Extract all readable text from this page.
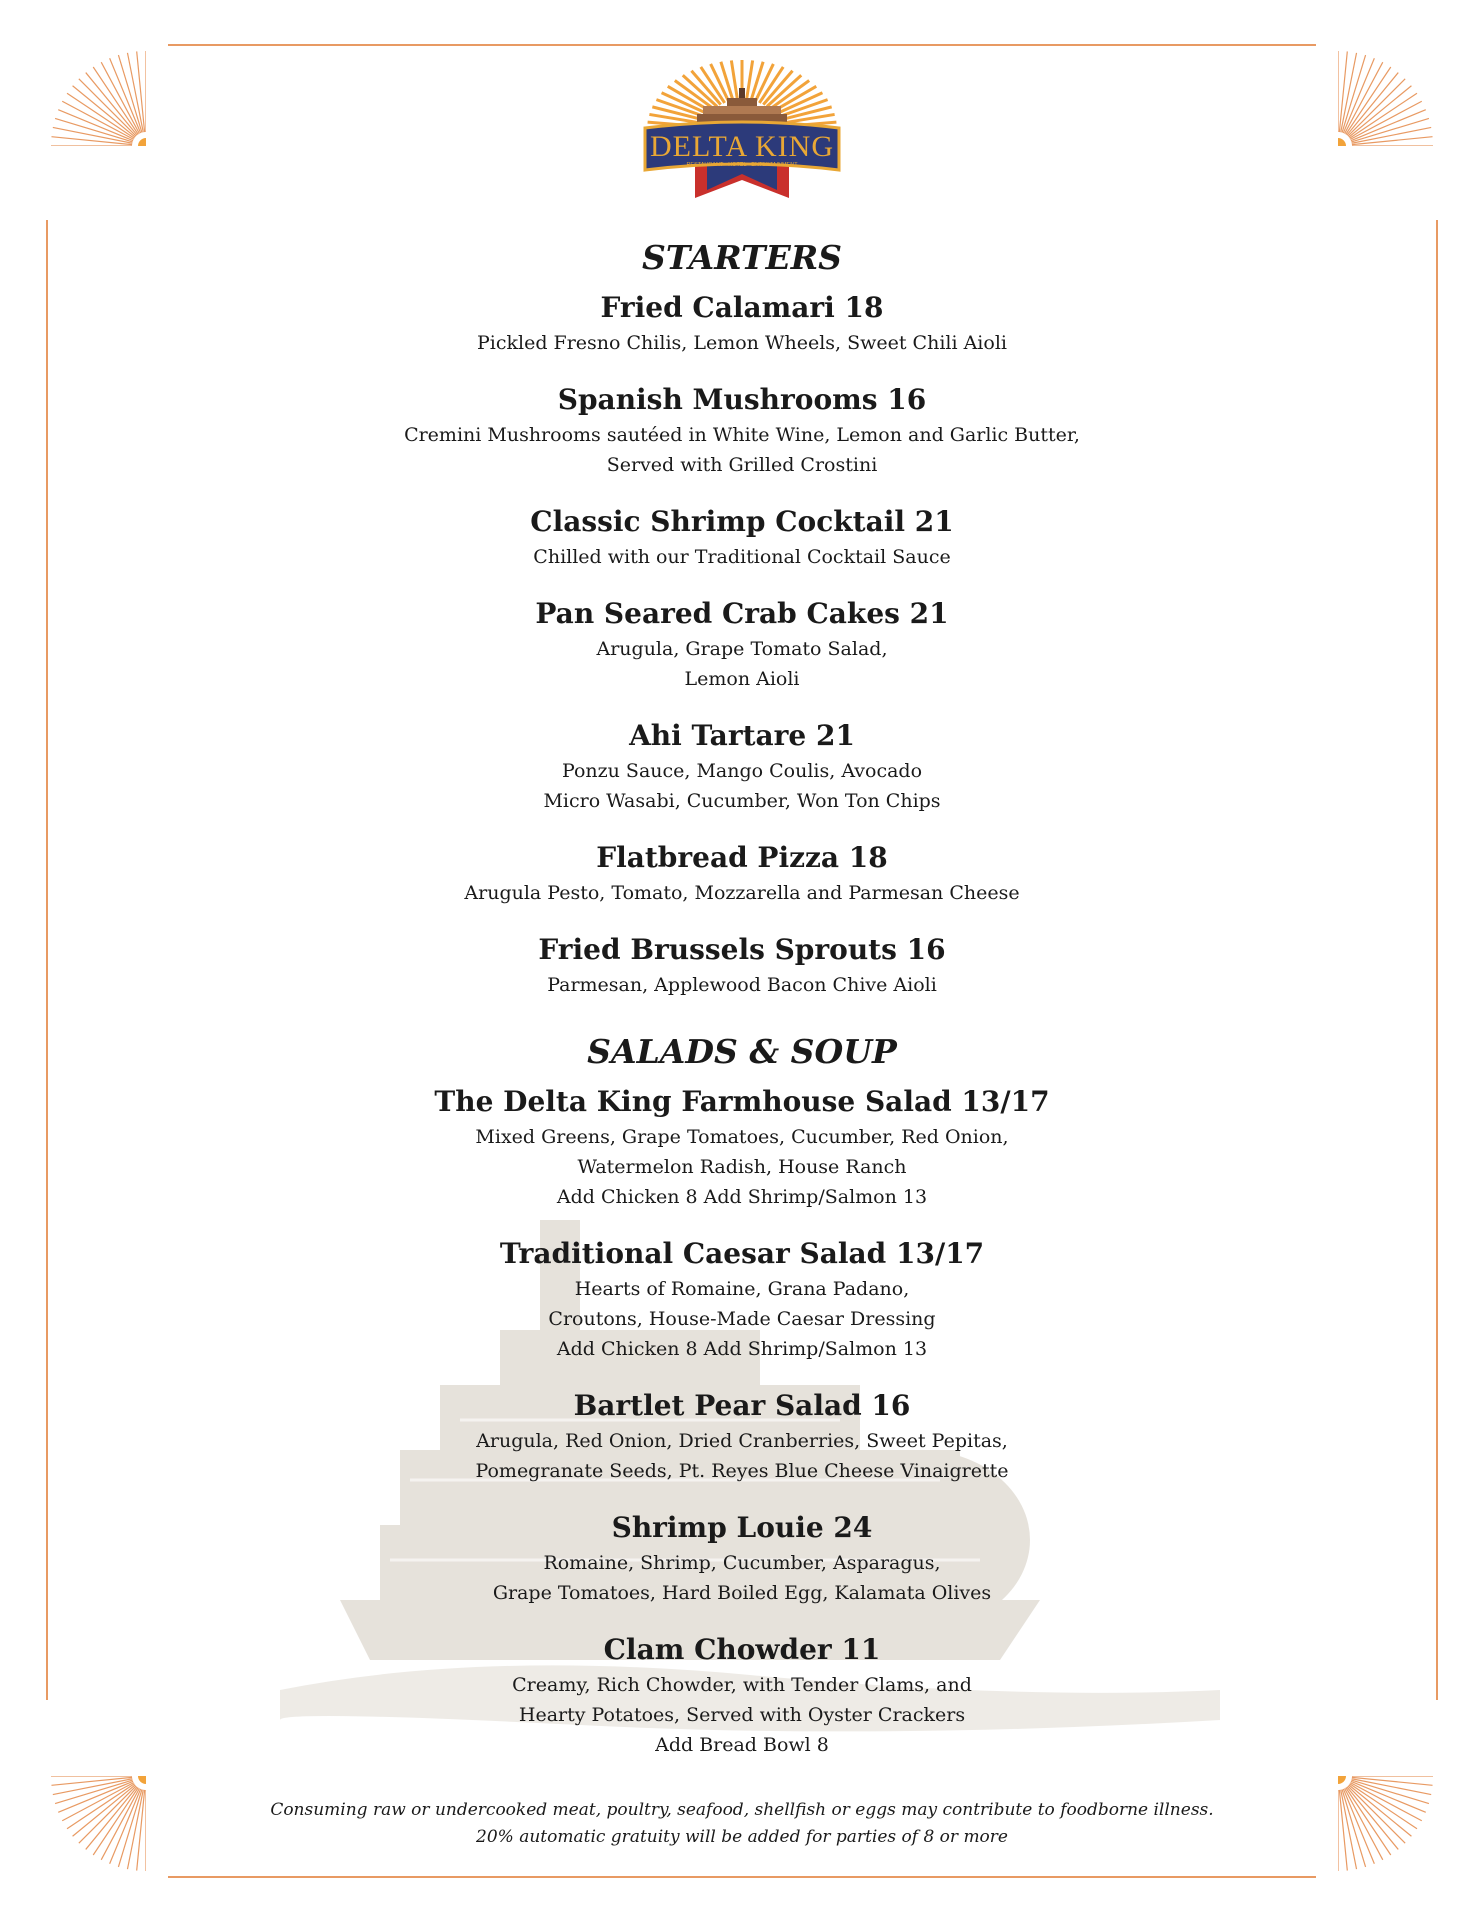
DELTA KING
RESTAURANT • HOTEL • ENTERTAINMENT
STARTERS
Fried Calamari 18
Pickled Fresno Chilis, Lemon Wheels, Sweet Chili Aioli
Spanish Mushrooms 16
Cremini Mushrooms sautéed in White Wine, Lemon and Garlic Butter,
Served with Grilled Crostini
Classic Shrimp Cocktail 21
Chilled with our Traditional Cocktail Sauce
Pan Seared Crab Cakes 21
Arugula, Grape Tomato Salad,
Lemon Aioli
Ahi Tartare 21
Ponzu Sauce, Mango Coulis, Avocado
Micro Wasabi, Cucumber, Won Ton Chips
Flatbread Pizza 18
Arugula Pesto, Tomato, Mozzarella and Parmesan Cheese
Fried Brussels Sprouts 16
Parmesan, Applewood Bacon Chive Aioli
SALADS & SOUP
The Delta King Farmhouse Salad 13/17
Mixed Greens, Grape Tomatoes, Cucumber, Red Onion,
Watermelon Radish, House Ranch
Add Chicken 8 Add Shrimp/Salmon 13
Traditional Caesar Salad 13/17
Hearts of Romaine, Grana Padano,
Croutons, House-Made Caesar Dressing
Add Chicken 8 Add Shrimp/Salmon 13
Bartlet Pear Salad 16
Arugula, Red Onion, Dried Cranberries, Sweet Pepitas,
Pomegranate Seeds, Pt. Reyes Blue Cheese Vinaigrette
Shrimp Louie 24
Romaine, Shrimp, Cucumber, Asparagus,
Grape Tomatoes, Hard Boiled Egg, Kalamata Olives
Clam Chowder 11
Creamy, Rich Chowder, with Tender Clams, and
Hearty Potatoes, Served with Oyster Crackers
Add Bread Bowl 8
Consuming raw or undercooked meat, poultry, seafood, shellfish or eggs may contribute to foodborne illness.
20% automatic gratuity will be added for parties of 8 or more
